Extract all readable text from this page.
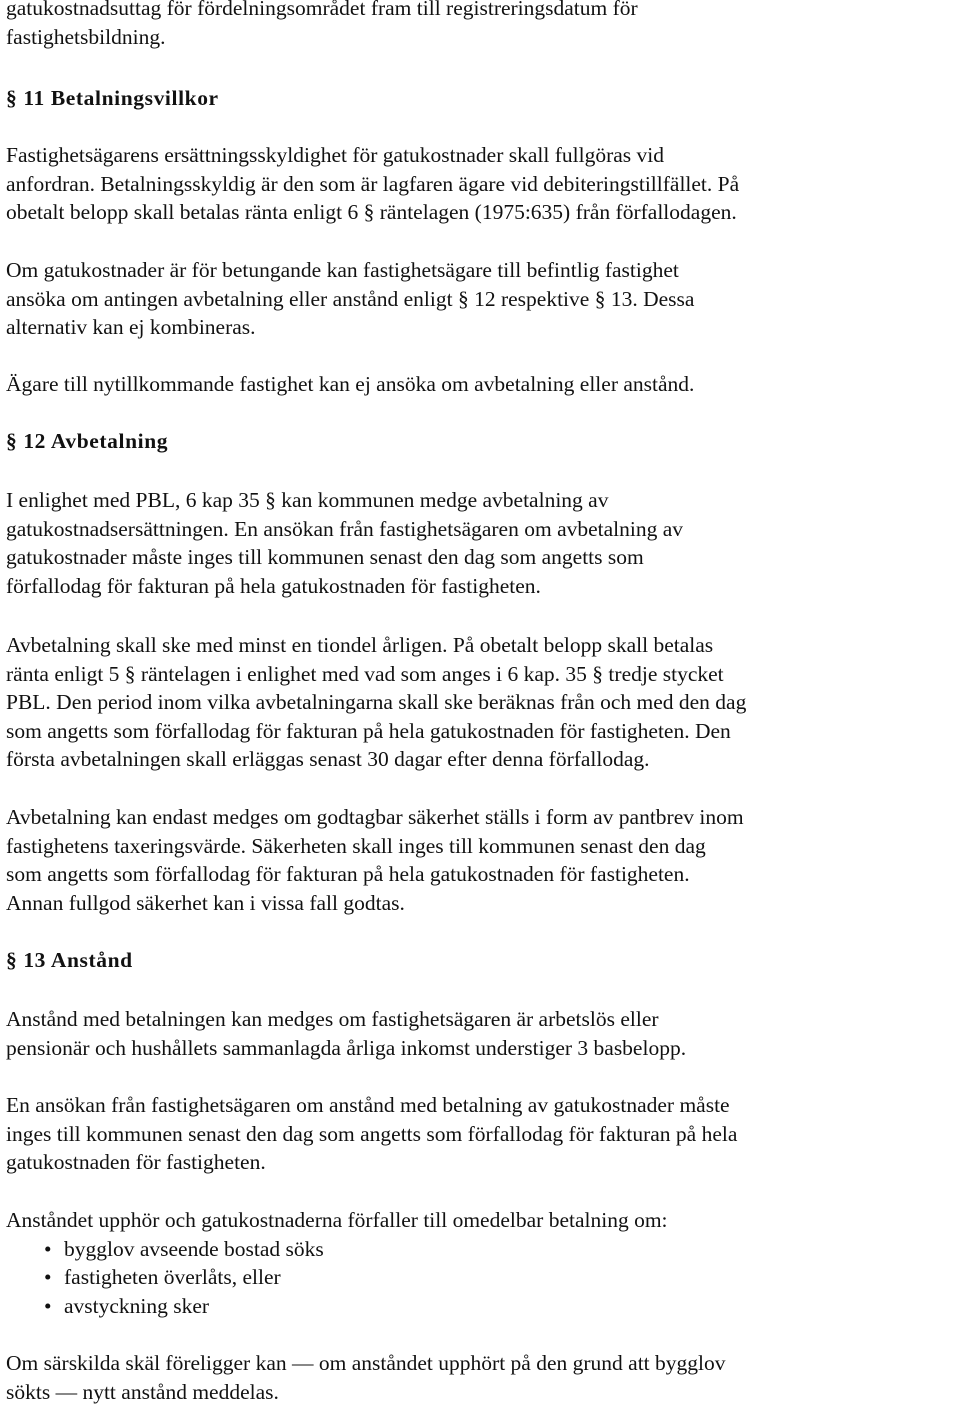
gatukostnadsuttag för fördelningsområdet fram till registreringsdatum för
fastighetsbildning.

§ 11 Betalningsvillkor

Fastighetsägarens ersättningsskyldighet för gatukostnader skall fullgöras vid
anfordran. Betalningsskyldig är den som är lagfaren ägare vid debiteringstillfället. På
obetalt belopp skall betalas ränta enligt 6 § räntelagen (1975:635) från förfallodagen.

Om gatukostnader är för betungande kan fastighetsägare till befintlig fastighet
ansöka om antingen avbetalning eller anstånd enligt § 12 respektive § 13. Dessa
alternativ kan ej kombineras.

Ägare till nytillkommande fastighet kan ej ansöka om avbetalning eller anstånd.

§ 12 Avbetalning

I enlighet med PBL, 6 kap 35 § kan kommunen medge avbetalning av
gatukostnadsersättningen. En ansökan från fastighetsägaren om avbetalning av
gatukostnader måste inges till kommunen senast den dag som angetts som
förfallodag för fakturan på hela gatukostnaden för fastigheten.

Avbetalning skall ske med minst en tiondel årligen. På obetalt belopp skall betalas
ränta enligt 5 § räntelagen i enlighet med vad som anges i 6 kap. 35 § tredje stycket
PBL. Den period inom vilka avbetalningarna skall ske beräknas från och med den dag
som angetts som förfallodag för fakturan på hela gatukostnaden för fastigheten. Den
första avbetalningen skall erläggas senast 30 dagar efter denna förfallodag.

Avbetalning kan endast medges om godtagbar säkerhet ställs i form av pantbrev inom
fastighetens taxeringsvärde. Säkerheten skall inges till kommunen senast den dag
som angetts som förfallodag för fakturan på hela gatukostnaden för fastigheten.
Annan fullgod säkerhet kan i vissa fall godtas.

§ 13 Anstånd

Anstånd med betalningen kan medges om fastighetsägaren är arbetslös eller
pensionär och hushållets sammanlagda årliga inkomst understiger 3 basbelopp.

En ansökan från fastighetsägaren om anstånd med betalning av gatukostnader måste
inges till kommunen senast den dag som angetts som förfallodag för fakturan på hela
gatukostnaden för fastigheten.

Anståndet upphör och gatukostnaderna förfaller till omedelbar betalning om:

• bygglov avseende bostad söks
• fastigheten överlåts, eller
• avstyckning sker

Om särskilda skäl föreligger kan — om anståndet upphört på den grund att bygglov
sökts — nytt anstånd meddelas.
